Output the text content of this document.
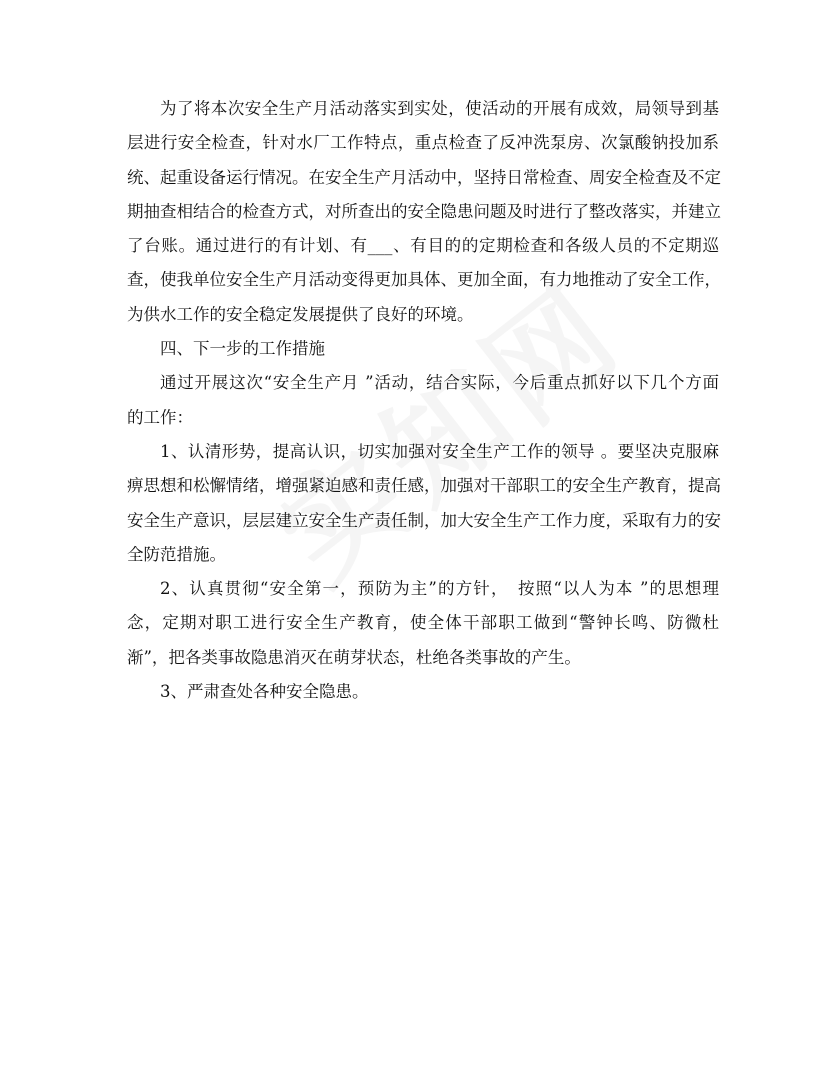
为了将本次安全生产月活动落实到实处，使活动的开展有成效，局领导到基
层进行安全检查，针对水厂工作特点，重点检查了反冲洗泵房、次氯酸钠投加系
统、起重设备运行情况。在安全生产月活动中，坚持日常检查、周安全检查及不定
期抽查相结合的检查方式，对所查出的安全隐患问题及时进行了整改落实，并建立
了台账。通过进行的有计划、有___、有目的的定期检查和各级人员的不定期巡
查，使我单位安全生产月活动变得更加具体、更加全面，有力地推动了安全工作，
为供水工作的安全稳定发展提供了良好的环境。
四、下一步的工作措施
通过开展这次“安全生产月 ”活动，结合实际，今后重点抓好以下几个方面
的工作：
1、认清形势，提高认识，切实加强对安全生产工作的领导 。要坚决克服麻
痹思想和松懈情绪，增强紧迫感和责任感，加强对干部职工的安全生产教育，提高
安全生产意识，层层建立安全生产责任制，加大安全生产工作力度，采取有力的安
全防范措施。
2、认真贯彻“安全第一，预防为主”的方针，　按照“以人为本 ”的思想理
念，定期对职工进行安全生产教育，使全体干部职工做到“警钟长鸣、防微杜
渐”，把各类事故隐患消灭在萌芽状态，杜绝各类事故的产生。
3、严肃查处各种安全隐患。
